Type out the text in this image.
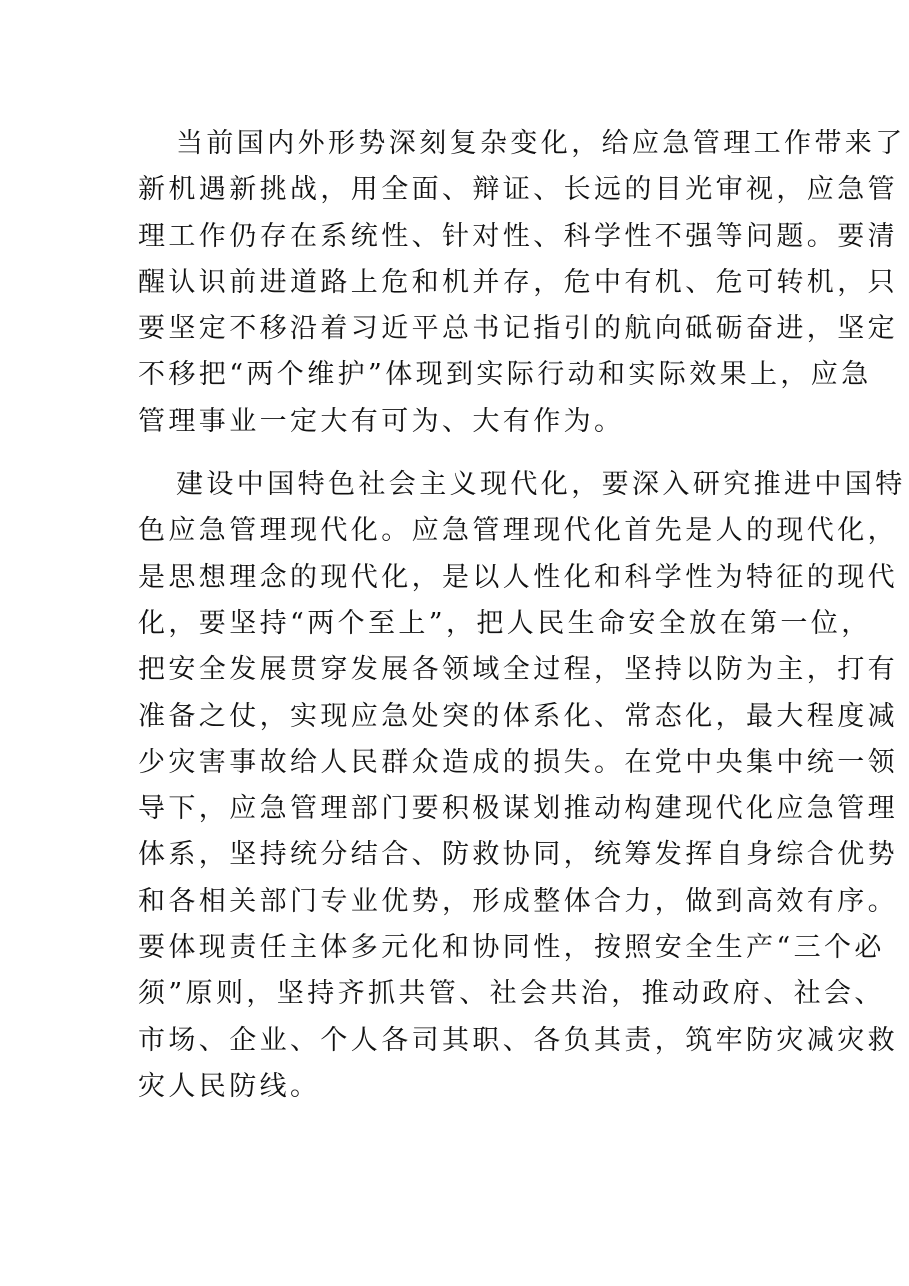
当前国内外形势深刻复杂变化，给应急管理工作带来了
新机遇新挑战，用全面、辩证、长远的目光审视，应急管
理工作仍存在系统性、针对性、科学性不强等问题。要清
醒认识前进道路上危和机并存，危中有机、危可转机，只
要坚定不移沿着习近平总书记指引的航向砥砺奋进，坚定
不移把“两个维护”体现到实际行动和实际效果上，应急
管理事业一定大有可为、大有作为。
建设中国特色社会主义现代化，要深入研究推进中国特
色应急管理现代化。应急管理现代化首先是人的现代化，
是思想理念的现代化，是以人性化和科学性为特征的现代
化，要坚持“两个至上”，把人民生命安全放在第一位，
把安全发展贯穿发展各领域全过程，坚持以防为主，打有
准备之仗，实现应急处突的体系化、常态化，最大程度减
少灾害事故给人民群众造成的损失。在党中央集中统一领
导下，应急管理部门要积极谋划推动构建现代化应急管理
体系，坚持统分结合、防救协同，统筹发挥自身综合优势
和各相关部门专业优势，形成整体合力，做到高效有序。
要体现责任主体多元化和协同性，按照安全生产“三个必
须”原则，坚持齐抓共管、社会共治，推动政府、社会、
市场、企业、个人各司其职、各负其责，筑牢防灾减灾救
灾人民防线。
